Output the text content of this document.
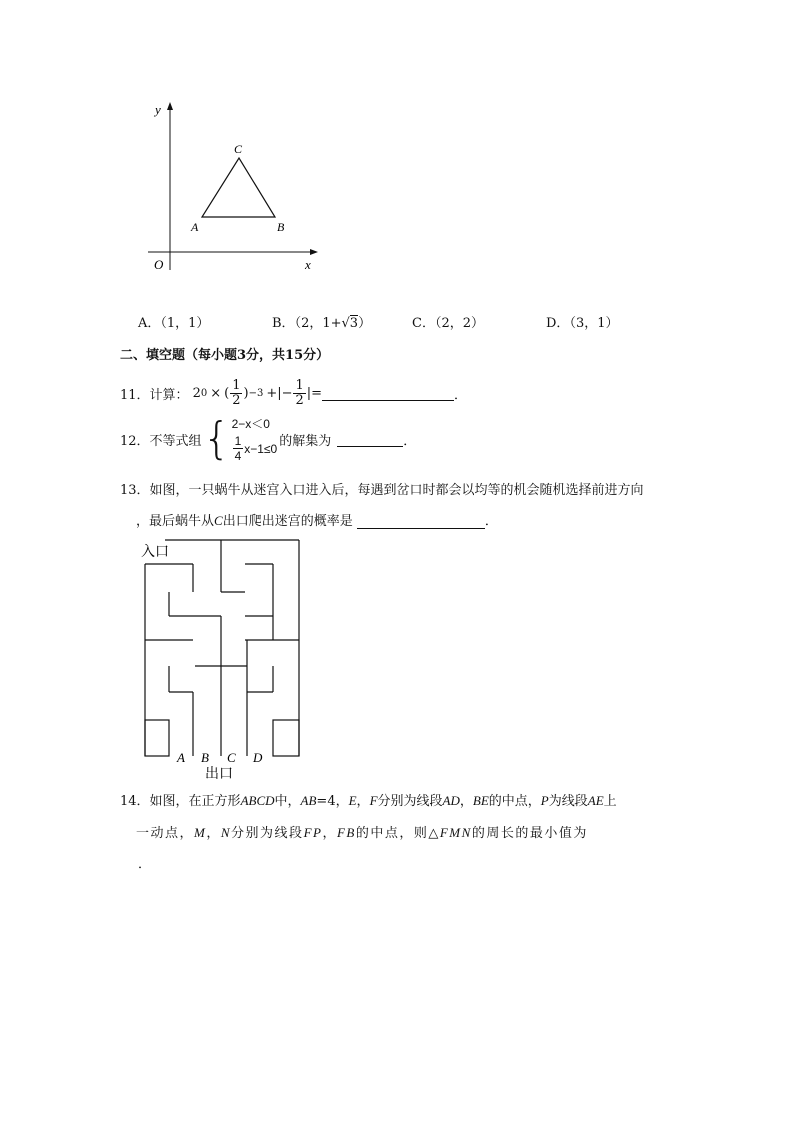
y
x
O
A	B
C
A．（1，1）	B．（2，1+√3）	C．（2，2）	D．（3，1）
二、填空题（每小题3分，共15分）
11． 计算： 2 0 × ( $\frac{1}{2}$ ) −3 +|− $\frac{1}{2}$ |=	．
12． 不等式组 { 2−x＜0
$\frac{1}{4} x-1\le 0$ 的解集为	．
13．如图，一只蜗牛从迷宫入口进入后，每遇到岔口时都会以均等的机会随机选择前进方向
，最后蜗牛从C出口爬出迷宫的概率是	．
入口
A B C D
出口
14．如图，在正方形ABCD中，AB=4，E，F分别为线段AD，BE的中点，P为线段AE上
一动点，M，N分别为线段FP，FB的中点，则△FMN的周长的最小值为
．
